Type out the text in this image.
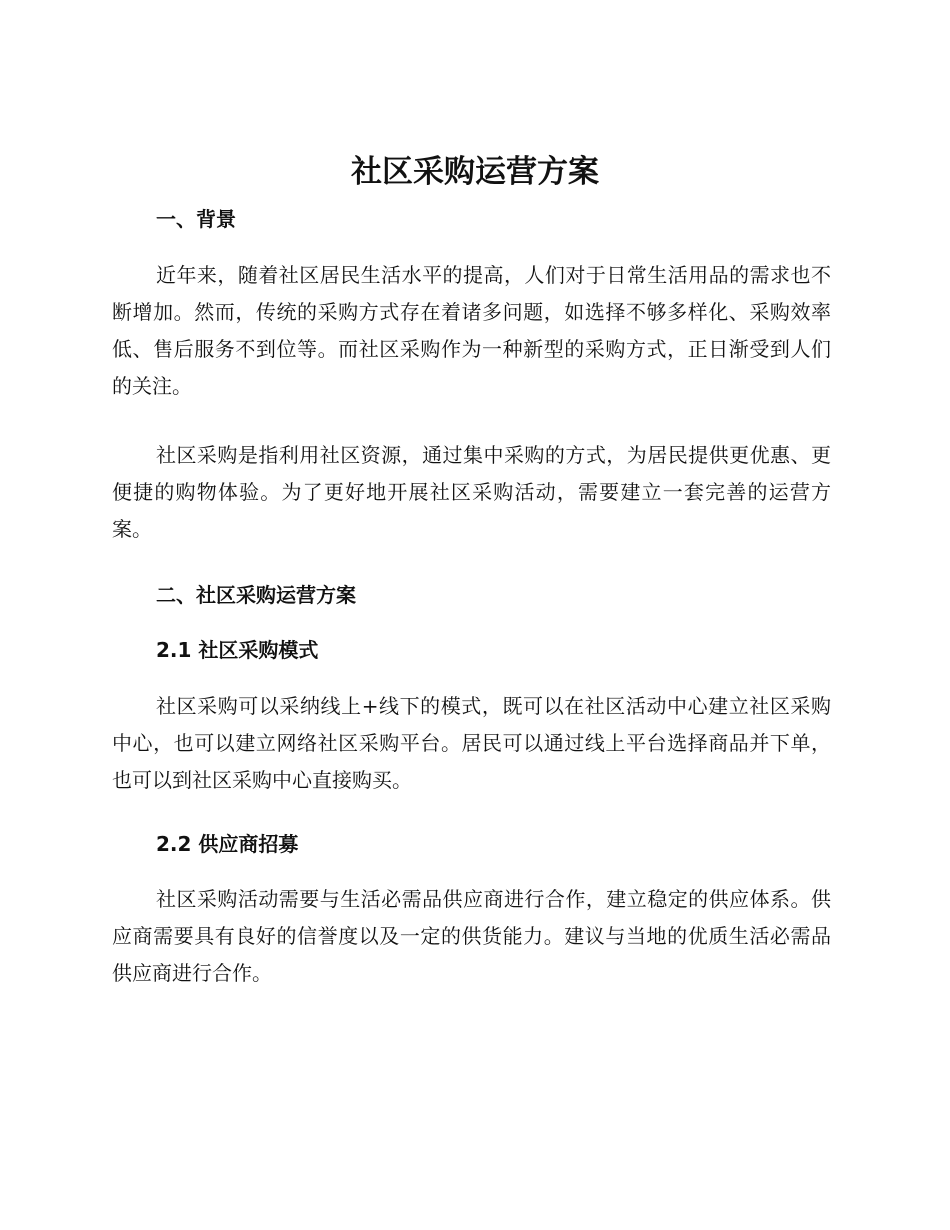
社区采购运营方案
一、背景

近年来，随着社区居民生活水平的提高，人们对于日常生活用品的需求也不断增加。然而，传统的采购方式存在着诸多问题，如选择不够多样化、采购效率低、售后服务不到位等。而社区采购作为一种新型的采购方式，正日渐受到人们的关注。

社区采购是指利用社区资源，通过集中采购的方式，为居民提供更优惠、更便捷的购物体验。为了更好地开展社区采购活动，需要建立一套完善的运营方案。

二、社区采购运营方案
2.1 社区采购模式

社区采购可以采纳线上+线下的模式，既可以在社区活动中心建立社区采购中心，也可以建立网络社区采购平台。居民可以通过线上平台选择商品并下单，也可以到社区采购中心直接购买。

2.2 供应商招募

社区采购活动需要与生活必需品供应商进行合作，建立稳定的供应体系。供应商需要具有良好的信誉度以及一定的供货能力。建议与当地的优质生活必需品供应商进行合作。
